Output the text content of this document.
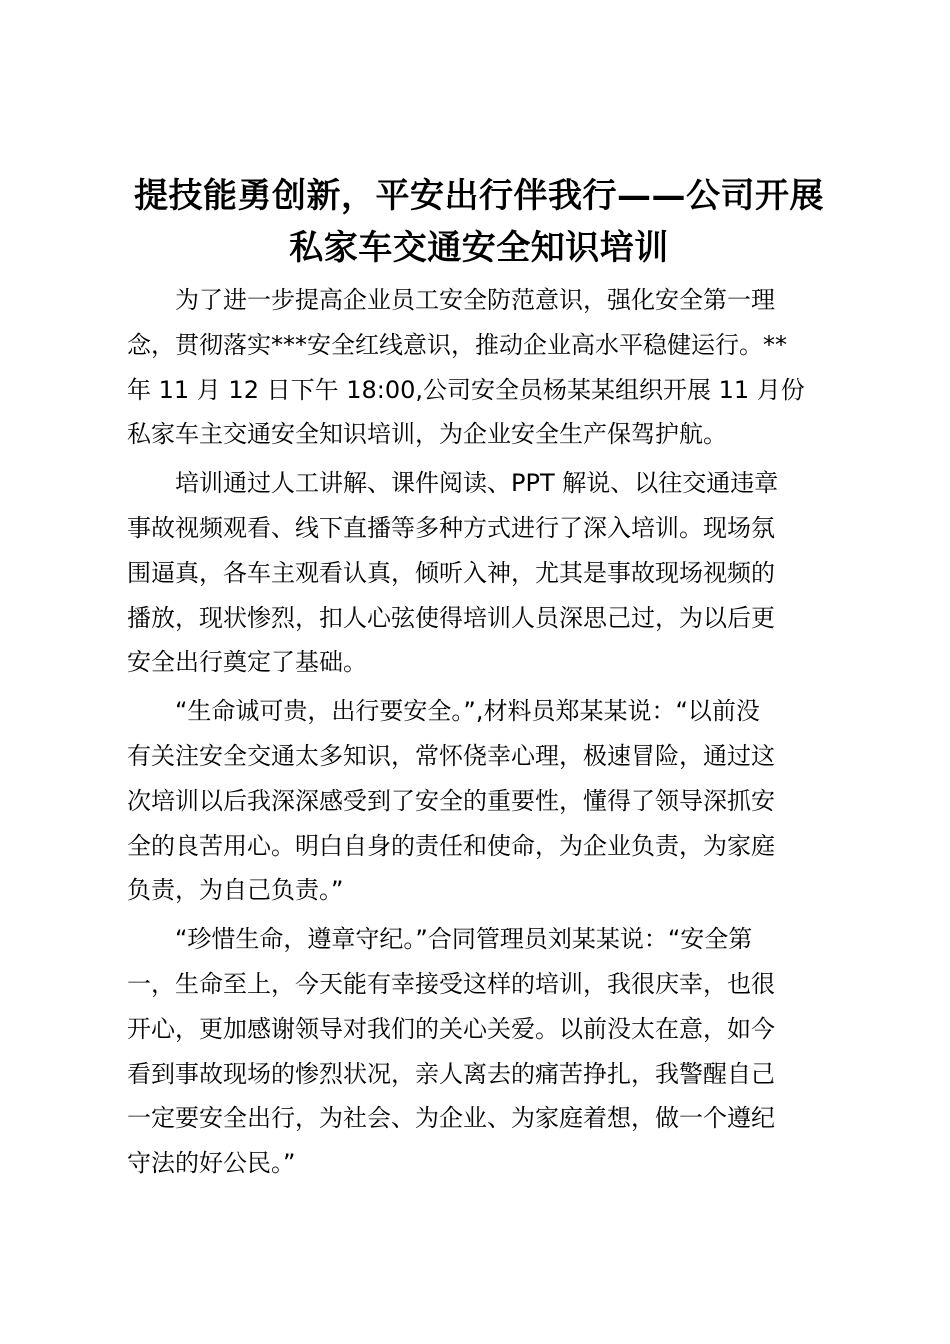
提技能勇创新，平安出行伴我行——公司开展
私家车交通安全知识培训

为了进一步提高企业员工安全防范意识，强化安全第一理
念，贯彻落实***安全红线意识，推动企业高水平稳健运行。**
年 11 月 12 日下午 18:00,公司安全员杨某某组织开展 11 月份
私家车主交通安全知识培训，为企业安全生产保驾护航。

培训通过人工讲解、课件阅读、PPT 解说、以往交通违章
事故视频观看、线下直播等多种方式进行了深入培训。现场氛
围逼真，各车主观看认真，倾听入神，尤其是事故现场视频的
播放，现状惨烈，扣人心弦使得培训人员深思己过，为以后更
安全出行奠定了基础。

“生命诚可贵，出行要安全。”,材料员郑某某说：“以前没
有关注安全交通太多知识，常怀侥幸心理，极速冒险，通过这
次培训以后我深深感受到了安全的重要性，懂得了领导深抓安
全的良苦用心。明白自身的责任和使命，为企业负责，为家庭
负责，为自己负责。”

“珍惜生命，遵章守纪。”合同管理员刘某某说：“安全第
一，生命至上，今天能有幸接受这样的培训，我很庆幸，也很
开心，更加感谢领导对我们的关心关爱。以前没太在意，如今
看到事故现场的惨烈状况，亲人离去的痛苦挣扎，我警醒自己
一定要安全出行，为社会、为企业、为家庭着想，做一个遵纪
守法的好公民。”
